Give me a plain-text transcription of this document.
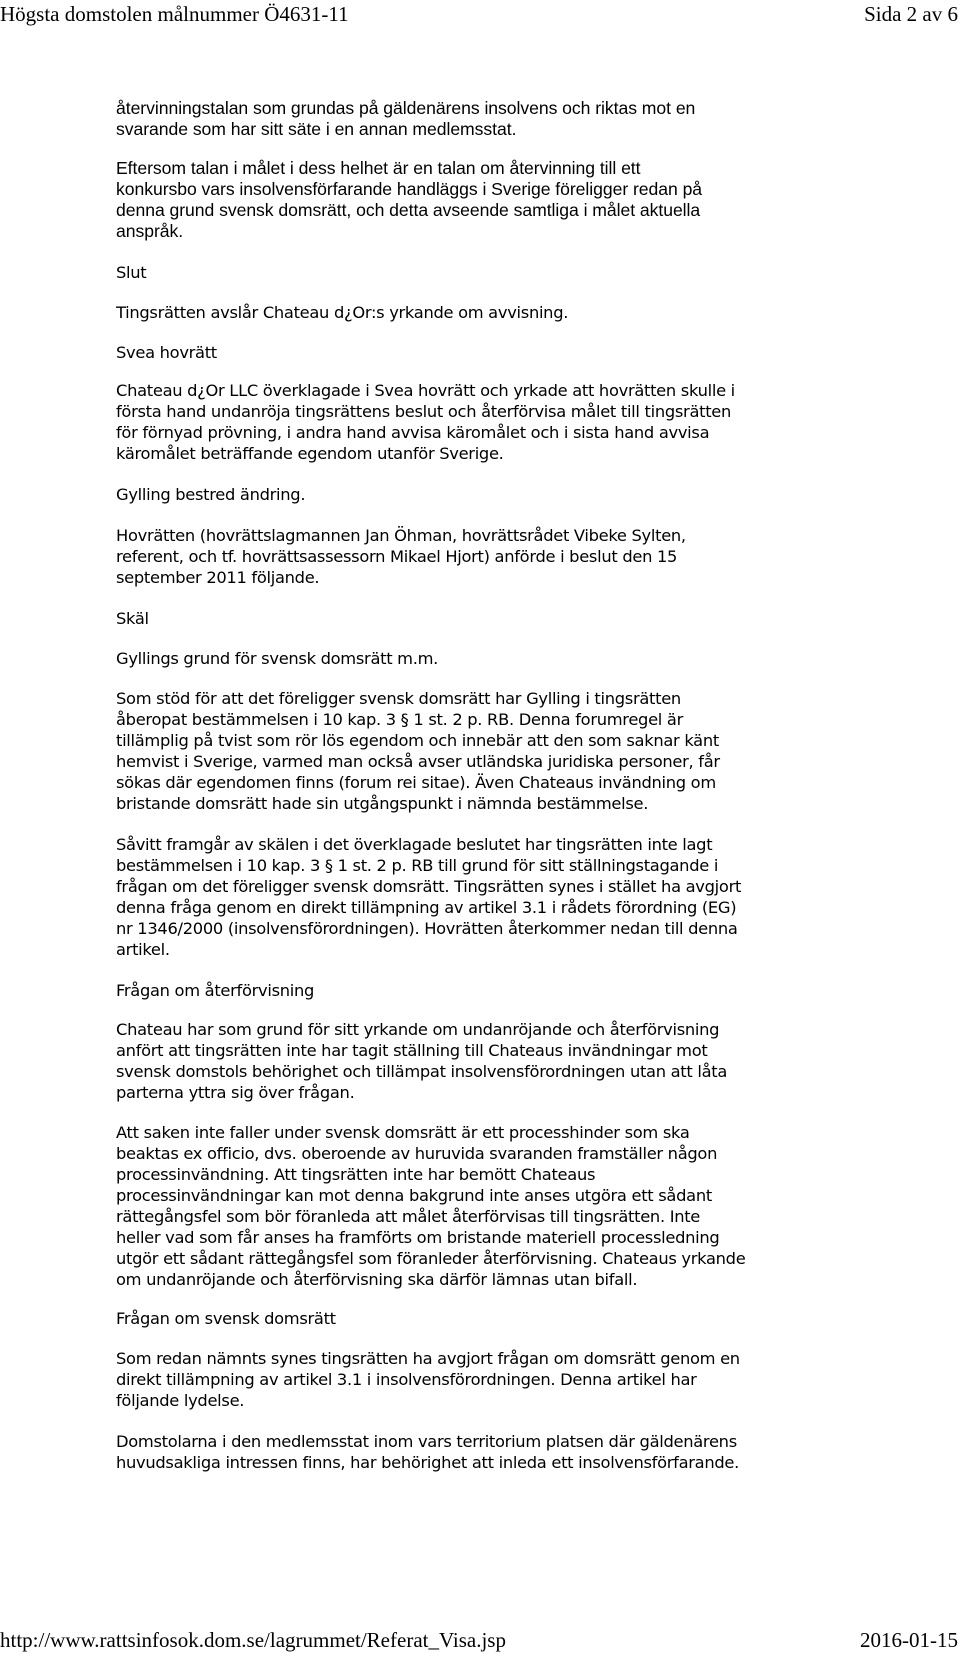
Högsta domstolen målnummer Ö4631-11	Sida 2 av 6
återvinningstalan som grundas på gäldenärens insolvens och riktas mot en
svarande som har sitt säte i en annan medlemsstat.
Eftersom talan i målet i dess helhet är en talan om återvinning till ett
konkursbo vars insolvensförfarande handläggs i Sverige föreligger redan på
denna grund svensk domsrätt, och detta avseende samtliga i målet aktuella
anspråk.
Slut
Tingsrätten avslår Chateau d¿Or:s yrkande om avvisning.
Svea hovrätt
Chateau d¿Or LLC överklagade i Svea hovrätt och yrkade att hovrätten skulle i
första hand undanröja tingsrättens beslut och återförvisa målet till tingsrätten
för förnyad prövning, i andra hand avvisa käromålet och i sista hand avvisa
käromålet beträffande egendom utanför Sverige.
Gylling bestred ändring.
Hovrätten (hovrättslagmannen Jan Öhman, hovrättsrådet Vibeke Sylten,
referent, och tf. hovrättsassessorn Mikael Hjort) anförde i beslut den 15
september 2011 följande.
Skäl
Gyllings grund för svensk domsrätt m.m.
Som stöd för att det föreligger svensk domsrätt har Gylling i tingsrätten
åberopat bestämmelsen i 10 kap. 3 § 1 st. 2 p. RB. Denna forumregel är
tillämplig på tvist som rör lös egendom och innebär att den som saknar känt
hemvist i Sverige, varmed man också avser utländska juridiska personer, får
sökas där egendomen finns (forum rei sitae). Även Chateaus invändning om
bristande domsrätt hade sin utgångspunkt i nämnda bestämmelse.
Såvitt framgår av skälen i det överklagade beslutet har tingsrätten inte lagt
bestämmelsen i 10 kap. 3 § 1 st. 2 p. RB till grund för sitt ställningstagande i
frågan om det föreligger svensk domsrätt. Tingsrätten synes i stället ha avgjort
denna fråga genom en direkt tillämpning av artikel 3.1 i rådets förordning (EG)
nr 1346/2000 (insolvensförordningen). Hovrätten återkommer nedan till denna
artikel.
Frågan om återförvisning
Chateau har som grund för sitt yrkande om undanröjande och återförvisning
anfört att tingsrätten inte har tagit ställning till Chateaus invändningar mot
svensk domstols behörighet och tillämpat insolvensförordningen utan att låta
parterna yttra sig över frågan.
Att saken inte faller under svensk domsrätt är ett processhinder som ska
beaktas ex officio, dvs. oberoende av huruvida svaranden framställer någon
processinvändning. Att tingsrätten inte har bemött Chateaus
processinvändningar kan mot denna bakgrund inte anses utgöra ett sådant
rättegångsfel som bör föranleda att målet återförvisas till tingsrätten. Inte
heller vad som får anses ha framförts om bristande materiell processledning
utgör ett sådant rättegångsfel som föranleder återförvisning. Chateaus yrkande
om undanröjande och återförvisning ska därför lämnas utan bifall.
Frågan om svensk domsrätt
Som redan nämnts synes tingsrätten ha avgjort frågan om domsrätt genom en
direkt tillämpning av artikel 3.1 i insolvensförordningen. Denna artikel har
följande lydelse.
Domstolarna i den medlemsstat inom vars territorium platsen där gäldenärens
huvudsakliga intressen finns, har behörighet att inleda ett insolvensförfarande.
http://www.rattsinfosok.dom.se/lagrummet/Referat_Visa.jsp	2016-01-15
